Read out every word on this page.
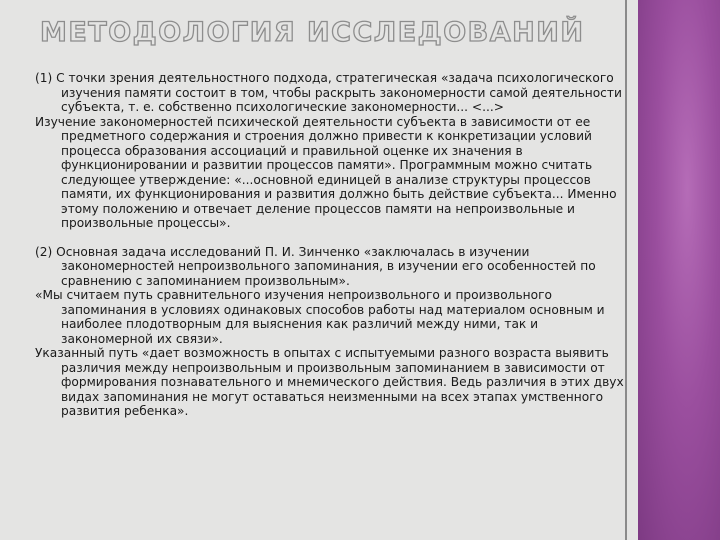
МЕТОДОЛОГИЯ ИССЛЕДОВАНИЙ

(1) С точки зрения деятельностного подхода, стратегическая «задача психологического изучения памяти состоит в том, чтобы раскрыть закономерности самой деятельности субъекта, т. е. собственно психологические закономерности... <...>

Изучение закономерностей психической деятельности субъекта в зависимости от ее предметного содержания и строения должно привести к конкретизации условий процесса образования ассоциаций и правильной оценке их значения в функционировании и развитии процессов памяти». Программным можно считать следующее утверждение: «...основной единицей в анализе структуры процессов памяти, их функционирования и развития должно быть действие субъекта... Именно этому положению и отвечает деление процессов памяти на непроизвольные и произвольные процессы».

(2) Основная задача исследований П. И. Зинченко «заключалась в изучении закономерностей непроизвольного запоминания, в изучении его особенностей по сравнению с запоминанием произвольным».

«Мы считаем путь сравнительного изучения непроизвольного и произвольного запоминания в условиях одинаковых способов работы над материалом основным и наиболее плодотворным для выяснения как различий между ними, так и закономерной их связи».

Указанный путь «дает возможность в опытах с испытуемыми разного возраста выявить различия между непроизвольным и произвольным запоминанием в зависимости от формирования познавательного и мнемического действия. Ведь различия в этих двух видах запоминания не могут оставаться неизменными на всех этапах умственного развития ребенка».
